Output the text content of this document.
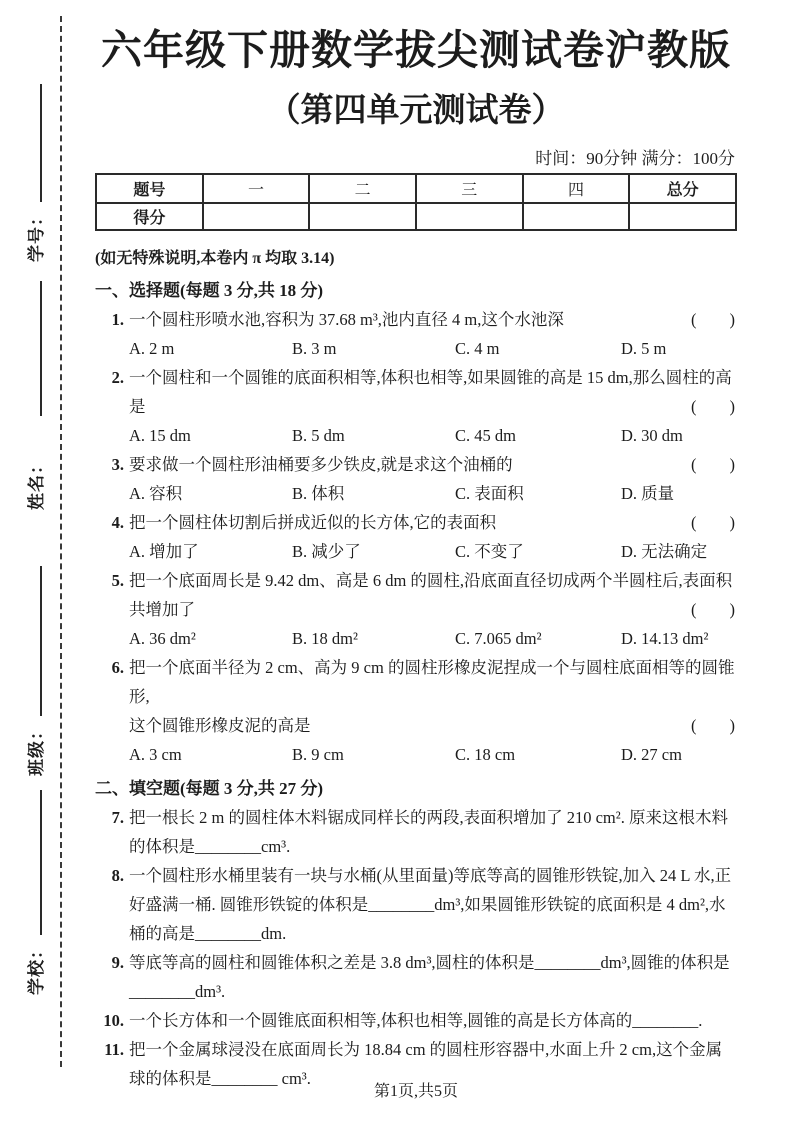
学号：
姓名：
班级：
学校：
六年级下册数学拔尖测试卷沪教版
（第四单元测试卷）
时间：90分钟 满分：100分
题号	一	二	三	四	总分
得分					
(如无特殊说明,本卷内 π 均取 3.14)
一、选择题(每题 3 分,共 18 分)
1. 一个圆柱形喷水池,容积为 37.68 m³,池内直径 4 m,这个水池深	(        )
A. 2 m	B. 3 m	C. 4 m	D. 5 m
2. 一个圆柱和一个圆锥的底面积相等,体积也相等,如果圆锥的高是 15 dm,那么圆柱的高
是	(        )
A. 15 dm	B. 5 dm	C. 45 dm	D. 30 dm
3. 要求做一个圆柱形油桶要多少铁皮,就是求这个油桶的	(        )
A. 容积	B. 体积	C. 表面积	D. 质量
4. 把一个圆柱体切割后拼成近似的长方体,它的表面积	(        )
A. 增加了	B. 减少了	C. 不变了	D. 无法确定
5. 把一个底面周长是 9.42 dm、高是 6 dm 的圆柱,沿底面直径切成两个半圆柱后,表面积
共增加了	(        )
A. 36 dm²	B. 18 dm²	C. 7.065 dm²	D. 14.13 dm²
6. 把一个底面半径为 2 cm、高为 9 cm 的圆柱形橡皮泥捏成一个与圆柱底面相等的圆锥形,
这个圆锥形橡皮泥的高是	(        )
A. 3 cm	B. 9 cm	C. 18 cm	D. 27 cm
二、填空题(每题 3 分,共 27 分)
7. 把一根长 2 m 的圆柱体木料锯成同样长的两段,表面积增加了 210 cm². 原来这根木料
的体积是________cm³.
8. 一个圆柱形水桶里装有一块与水桶(从里面量)等底等高的圆锥形铁锭,加入 24 L 水,正
好盛满一桶. 圆锥形铁锭的体积是________dm³,如果圆锥形铁锭的底面积是 4 dm²,水
桶的高是________dm.
9. 等底等高的圆柱和圆锥体积之差是 3.8 dm³,圆柱的体积是________dm³,圆锥的体积是
________dm³.
10. 一个长方体和一个圆锥底面积相等,体积也相等,圆锥的高是长方体高的________.
11. 把一个金属球浸没在底面周长为 18.84 cm 的圆柱形容器中,水面上升 2 cm,这个金属
球的体积是________ cm³.
第1页,共5页
